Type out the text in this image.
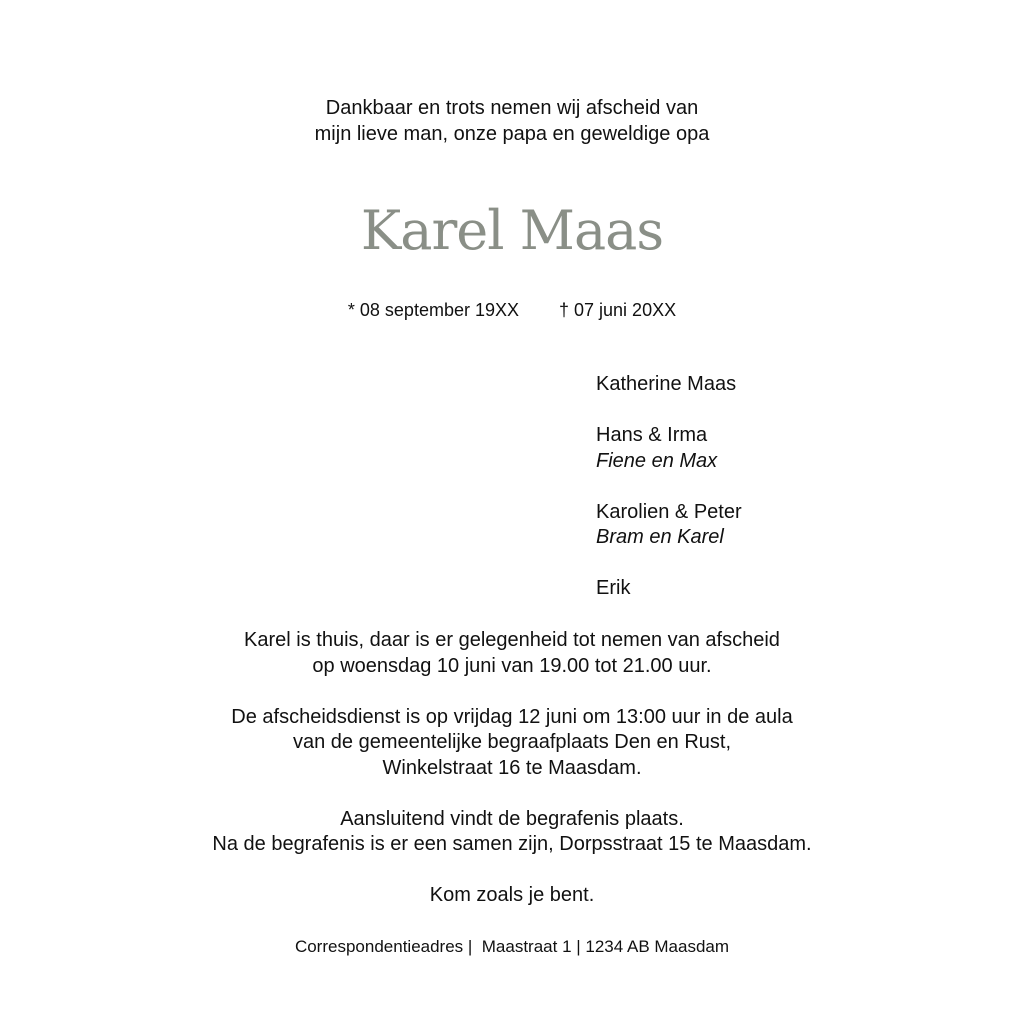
Dankbaar en trots nemen wij afscheid van
mijn lieve man, onze papa en geweldige opa
Karel Maas
* 08 september 19XX † 07 juni 20XX
Katherine Maas
Hans & Irma
Fiene en Max
Karolien & Peter
Bram en Karel
Erik
Karel is thuis, daar is er gelegenheid tot nemen van afscheid
op woensdag 10 juni van 19.00 tot 21.00 uur.
De afscheidsdienst is op vrijdag 12 juni om 13:00 uur in de aula
van de gemeentelijke begraafplaats Den en Rust,
Winkelstraat 16 te Maasdam.
Aansluitend vindt de begrafenis plaats.
Na de begrafenis is er een samen zijn, Dorpsstraat 15 te Maasdam.
Kom zoals je bent.
Correspondentieadres |  Maastraat 1 | 1234 AB Maasdam
